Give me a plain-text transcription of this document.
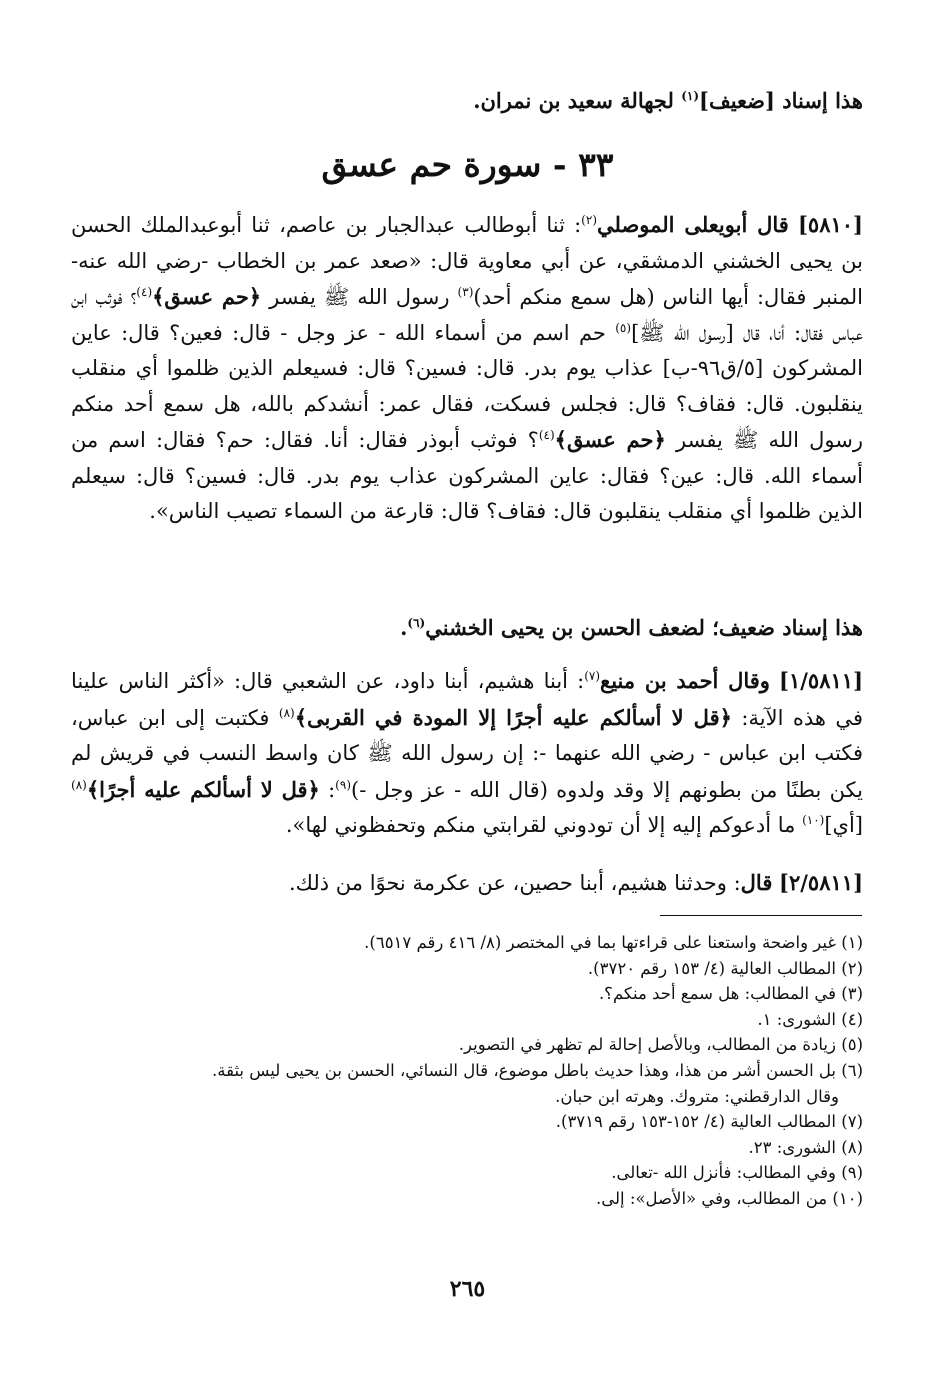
هذا إسناد [ضعيف]$^{(١)}$ لجهالة سعيد بن نمران.

٣٣ - سورة حم عسق

[٥٨١٠] قال أبويعلى الموصلي$^{(٢)}$: ثنا أبوطالب عبدالجبار بن عاصم، ثنا أبوعبدالملك الحسن بن يحيى الخشني الدمشقي، عن أبي معاوية قال: «صعد عمر بن الخطاب -رضي الله عنه- المنبر فقال: أيها الناس (هل سمع منكم أحد)$^{(٣)}$ رسول الله ﷺ يفسر ﴿حم عسق﴾$^{(٤)}$؟ فوثب ابن عباس فقال: أنا، قال [رسول الله ﷺ]$^{(٥)}$ حم اسم من أسماء الله - عز وجل - قال: فعين؟ قال: عاين المشركون [٥/ق٩٦-ب] عذاب يوم بدر. قال: فسين؟ قال: فسيعلم الذين ظلموا أي منقلب ينقلبون. قال: فقاف؟ قال: فجلس فسكت، فقال عمر: أنشدكم بالله، هل سمع أحد منكم رسول الله ﷺ يفسر ﴿حم عسق﴾$^{(٤)}$؟ فوثب أبوذر فقال: أنا. فقال: حم؟ فقال: اسم من أسماء الله. قال: عين؟ فقال: عاين المشركون عذاب يوم بدر. قال: فسين؟ قال: سيعلم الذين ظلموا أي منقلب ينقلبون قال: فقاف؟ قال: قارعة من السماء تصيب الناس».

هذا إسناد ضعيف؛ لضعف الحسن بن يحيى الخشني$^{(٦)}$.

[١/٥٨١١] وقال أحمد بن منيع$^{(٧)}$: أبنا هشيم، أبنا داود، عن الشعبي قال: «أكثر الناس علينا في هذه الآية: ﴿قل لا أسألكم عليه أجرًا إلا المودة في القربى﴾$^{(٨)}$ فكتبت إلى ابن عباس، فكتب ابن عباس - رضي الله عنهما -: إن رسول الله ﷺ كان واسط النسب في قريش لم يكن بطنًا من بطونهم إلا وقد ولدوه (قال الله - عز وجل -)$^{(٩)}$: ﴿قل لا أسألكم عليه أجرًا﴾$^{(٨)}$ [أي]$^{(١٠)}$ ما أدعوكم إليه إلا أن تودوني لقرابتي منكم وتحفظوني لها».

[٢/٥٨١١] قال: وحدثنا هشيم، أبنا حصين، عن عكرمة نحوًا من ذلك.

(١) غير واضحة واستعنا على قراءتها بما في المختصر (٨/ ٤١٦ رقم ٦٥١٧).
(٢) المطالب العالية (٤/ ١٥٣ رقم ٣٧٢٠).
(٣) في المطالب: هل سمع أحد منكم؟.
(٤) الشورى: ١.
(٥) زيادة من المطالب، وبالأصل إحالة لم تظهر في التصوير.
(٦) بل الحسن أشر من هذا، وهذا حديث باطل موضوع، قال النسائي، الحسن بن يحيى ليس بثقة.
وقال الدارقطني: متروك. وهرته ابن حبان.
(٧) المطالب العالية (٤/ ١٥٢-١٥٣ رقم ٣٧١٩).
(٨) الشورى: ٢٣.
(٩) وفي المطالب: فأنزل الله -تعالى.
(١٠) من المطالب، وفي «الأصل»: إلى.
٢٦٥
